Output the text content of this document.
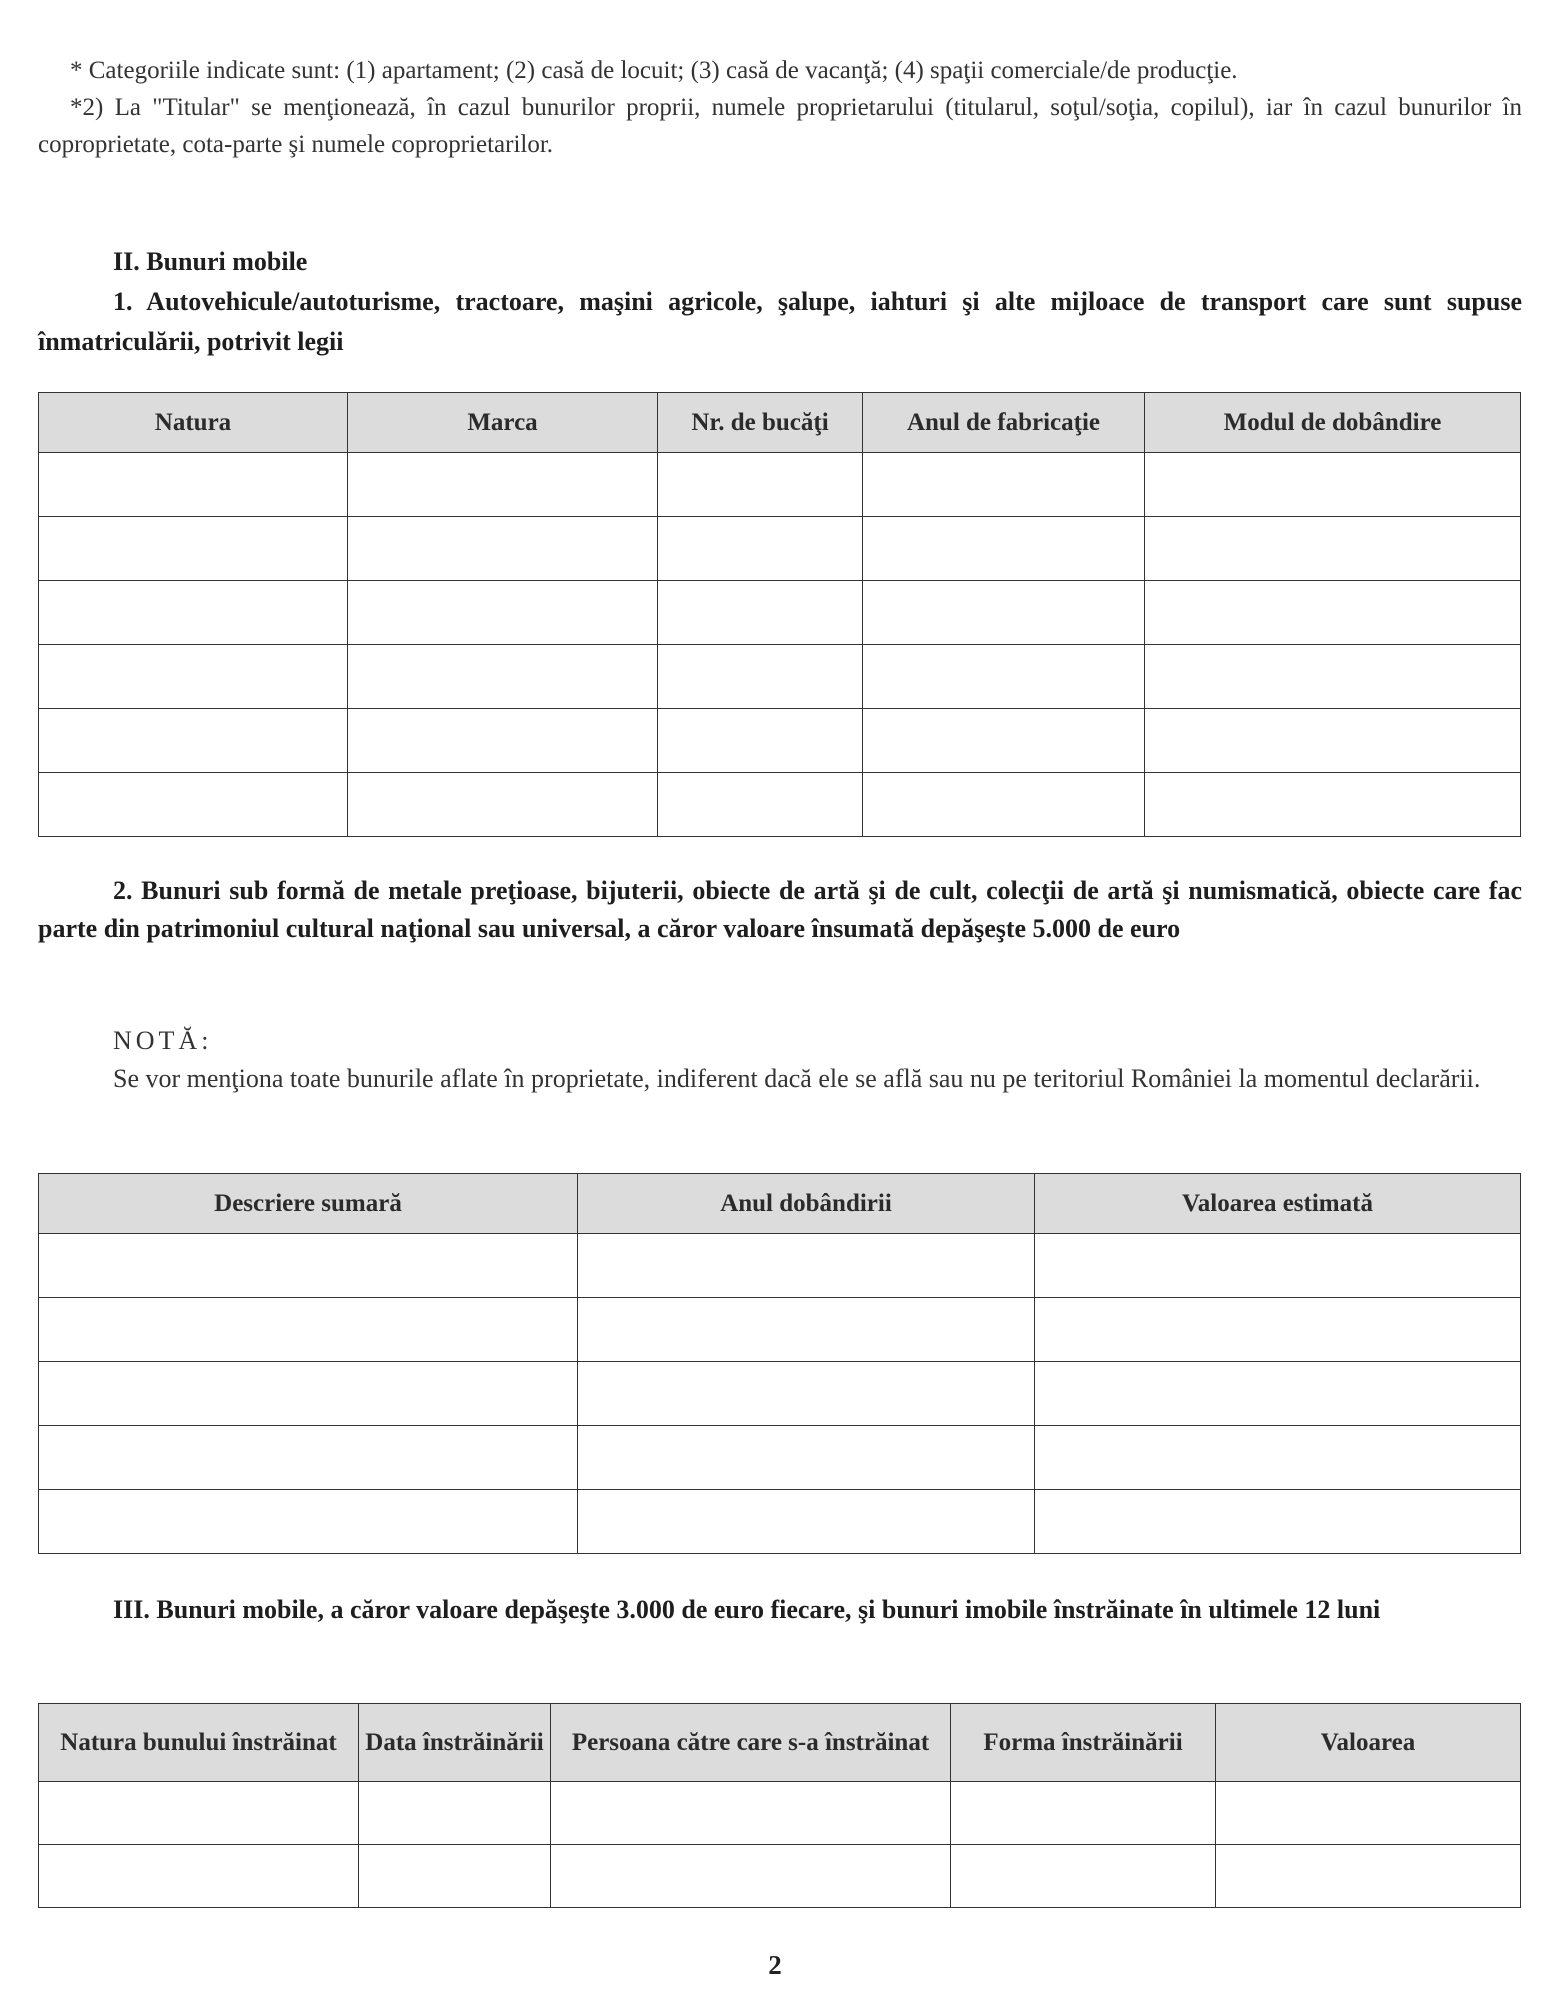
* Categoriile indicate sunt: (1) apartament; (2) casă de locuit; (3) casă de vacanţă; (4) spaţii comerciale/de producţie.

*2) La "Titular" se menţionează, în cazul bunurilor proprii, numele proprietarului (titularul, soţul/soţia, copilul), iar în cazul bunurilor în coproprietate, cota-parte şi numele coproprietarilor.

II. Bunuri mobile

1. Autovehicule/autoturisme, tractoare, maşini agricole, şalupe, iahturi şi alte mijloace de transport care sunt supuse înmatriculării, potrivit legii

Natura	Marca	Nr. de bucăţi	Anul de fabricaţie	Modul de dobândire

2. Bunuri sub formă de metale preţioase, bijuterii, obiecte de artă şi de cult, colecţii de artă şi numismatică, obiecte care fac parte din patrimoniul cultural naţional sau universal, a căror valoare însumată depăşeşte 5.000 de euro

NOTĂ:

Se vor menţiona toate bunurile aflate în proprietate, indiferent dacă ele se află sau nu pe teritoriul României la momentul declarării.

Descriere sumară	Anul dobândirii	Valoarea estimată

III. Bunuri mobile, a căror valoare depăşeşte 3.000 de euro fiecare, şi bunuri imobile înstrăinate în ultimele 12 luni

Natura bunului înstrăinat	Data înstrăinării	Persoana către care s-a înstrăinat	Forma înstrăinării	Valoarea

2
